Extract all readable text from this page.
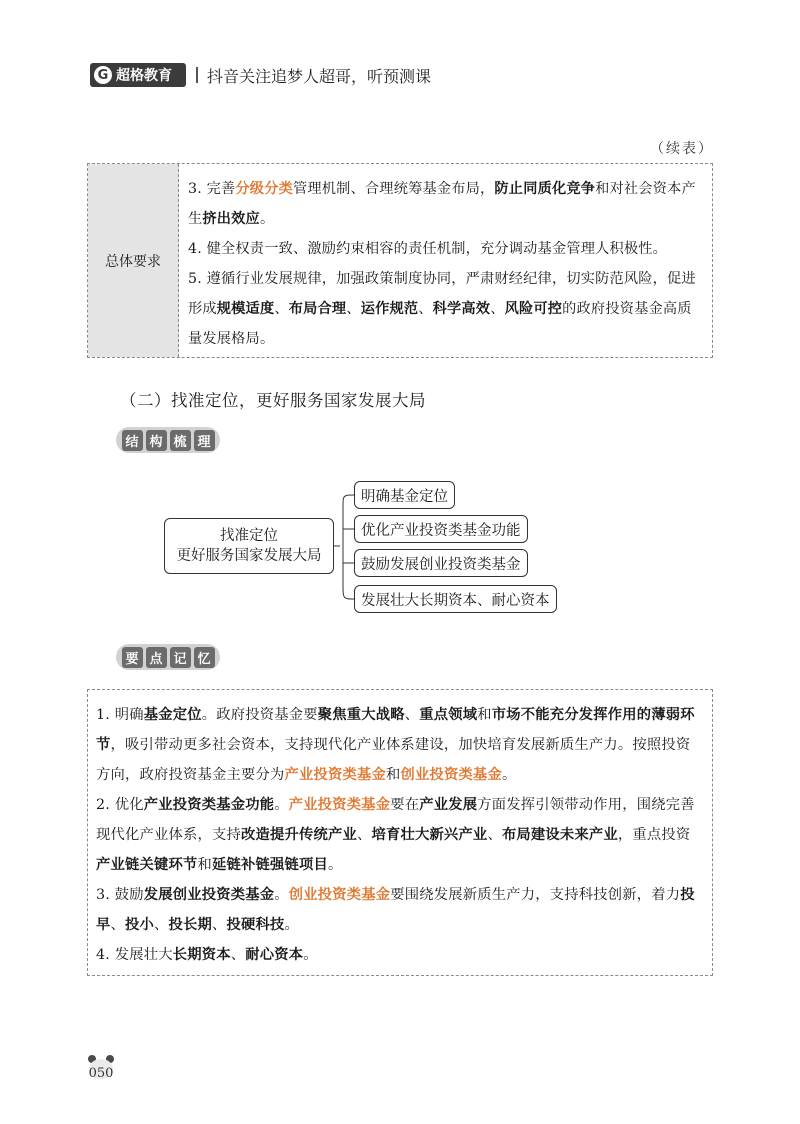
G 超格教育 抖音关注追梦人超哥，听预测课
（续表）
总体要求
3. 完善分级分类管理机制、合理统筹基金布局，防止同质化竞争和对社会资本产生挤出效应。
4. 健全权责一致、激励约束相容的责任机制，充分调动基金管理人积极性。
5. 遵循行业发展规律，加强政策制度协同，严肃财经纪律，切实防范风险，促进形成规模适度、布局合理、运作规范、科学高效、风险可控的政府投资基金高质量发展格局。
（二）找准定位，更好服务国家发展大局
结 构 梳 理
找准定位
更好服务国家发展大局
明确基金定位
优化产业投资类基金功能
鼓励发展创业投资类基金
发展壮大长期资本、耐心资本
要 点 记 忆
1. 明确基金定位。政府投资基金要聚焦重大战略、重点领域和市场不能充分发挥作用的薄弱环节，吸引带动更多社会资本，支持现代化产业体系建设，加快培育发展新质生产力。按照投资方向，政府投资基金主要分为产业投资类基金和创业投资类基金。
2. 优化产业投资类基金功能。产业投资类基金要在产业发展方面发挥引领带动作用，围绕完善现代化产业体系，支持改造提升传统产业、培育壮大新兴产业、布局建设未来产业，重点投资产业链关键环节和延链补链强链项目。
3. 鼓励发展创业投资类基金。创业投资类基金要围绕发展新质生产力，支持科技创新，着力投早、投小、投长期、投硬科技。
4. 发展壮大长期资本、耐心资本。
050
